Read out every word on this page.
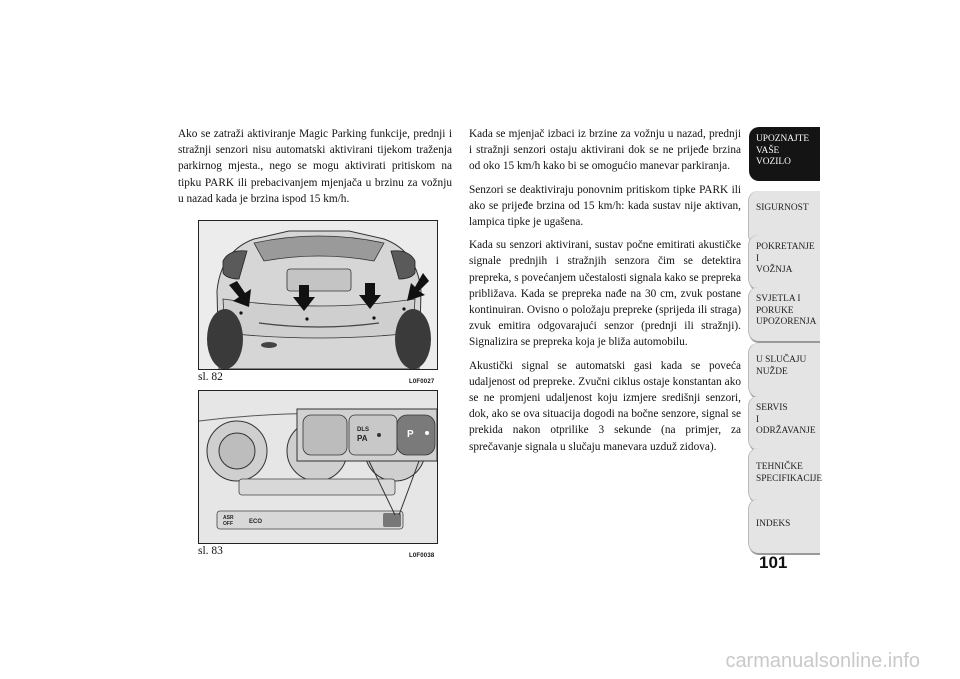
Ako se zatraži aktiviranje Magic Parking funkcije, prednji i stražnji senzori nisu automatski aktivirani tijekom traženja parkirnog mjesta., nego se mogu aktivirati pritiskom na tipku PARK ili prebacivanjem mjenjača u brzinu za vožnju u nazad kada je brzina ispod 15 km/h.

sl. 82	L0F0027
P
DLS
PA
ASR
OFF	ECO
sl. 83	L0F0038

Kada se mjenjač izbaci iz brzine za vožnju u nazad, prednji i stražnji senzori ostaju aktivirani dok se ne prijeđe brzina od oko 15 km/h kako bi se omogućio manevar parkiranja.

Senzori se deaktiviraju ponovnim pritiskom tipke PARK ili ako se prijeđe brzina od 15 km/h: kada sustav nije aktivan, lampica tipke je ugašena.

Kada su senzori aktivirani, sustav počne emitirati akustičke signale prednjih i stražnjih senzora čim se detektira prepreka, s povećanjem učestalosti signala kako se prepreka približava. Kada se prepreka nađe na 30 cm, zvuk postane kontinuiran. Ovisno o položaju prepreke (sprijeda ili straga) zvuk emitira odgovarajući senzor (prednji ili stražnji). Signalizira se prepreka koja je bliža automobilu.

Akustički signal se automatski gasi kada se poveća udaljenost od prepreke. Zvučni ciklus ostaje konstantan ako se ne promjeni udaljenost koju izmjere središnji senzori, dok, ako se ova situacija dogodi na bočne senzore, signal se prekida nakon otprilike 3 sekunde (na primjer, za sprečavanje signala u slučaju manevara uzduž zidova).

UPOZNAJTE
VAŠE
VOZILO
SIGURNOST
POKRETANJE
I
VOŽNJA
SVJETLA I
PORUKE
UPOZORENJA
U SLUČAJU
NUŽDE
SERVIS
I
ODRŽAVANJE
TEHNIČKE
SPECIFIKACIJE
INDEKS
101
carmanualsonline.info
